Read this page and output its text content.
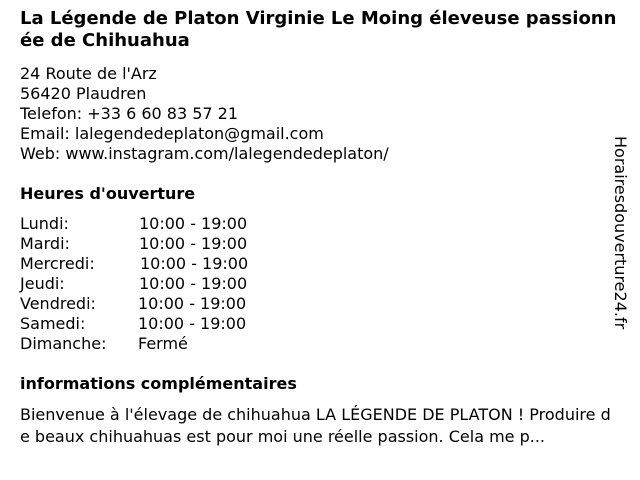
La Légende de Platon Virginie Le Moing éleveuse passionnée de Chihuahua
24 Route de l'Arz
56420 Plaudren
Telefon: +33 6 60 83 57 21
Email: lalegendedeplaton@gmail.com
Web: www.instagram.com/lalegendedeplaton/
Heures d'ouverture
Lundi:	10:00 - 19:00
Mardi:	10:00 - 19:00
Mercredi:	10:00 - 19:00
Jeudi:	10:00 - 19:00
Vendredi:	10:00 - 19:00
Samedi:	10:00 - 19:00
Dimanche: Fermé
informations complémentaires
Bienvenue à l'élevage de chihuahua LA LÉGENDE DE PLATON ! Produire de beaux chihuahuas est pour moi une réelle passion. Cela me p...
Horairesdouverture24.fr
